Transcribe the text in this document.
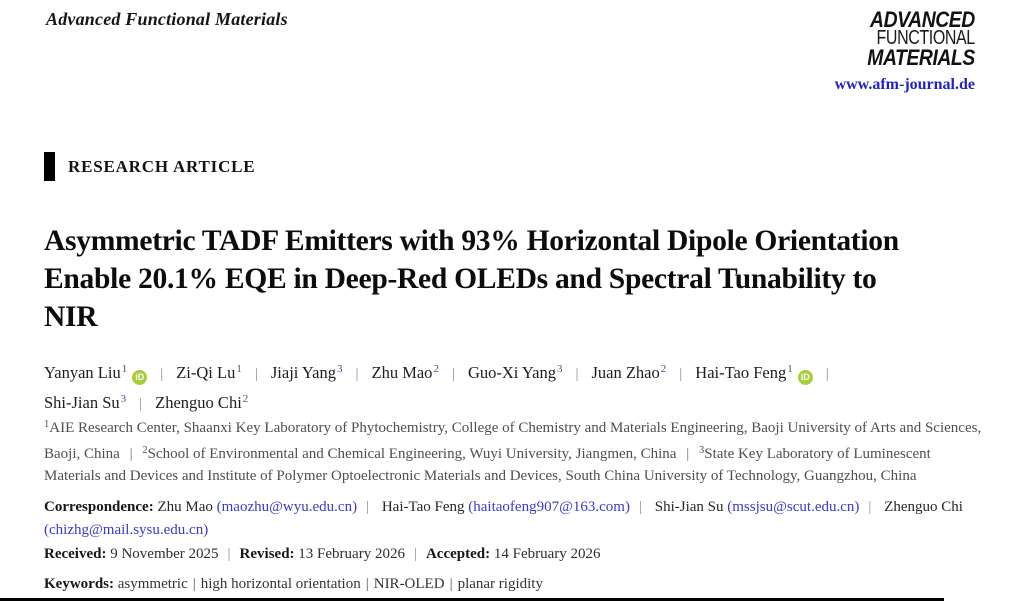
Advanced Functional Materials	ADVANCED
FUNCTIONAL
MATERIALS
www.afm-journal.de
RESEARCH ARTICLE
Asymmetric TADF Emitters with 93% Horizontal Dipole Orientation Enable 20.1% EQE in Deep-Red OLEDs and Spectral Tunability to NIR
Yanyan Liu$^1$iD | Zi-Qi Lu$^1$ | Jiaji Yang$^3$ | Zhu Mao$^2$ | Guo-Xi Yang$^3$ | Juan Zhao$^2$ | Hai-Tao Feng$^1$iD |
Shi-Jian Su$^3$ | Zhenguo Chi$^2$
$^1$AIE Research Center, Shaanxi Key Laboratory of Phytochemistry, College of Chemistry and Materials Engineering, Baoji University of Arts and Sciences, Baoji, China | $^2$School of Environmental and Chemical Engineering, Wuyi University, Jiangmen, China | $^3$State Key Laboratory of Luminescent Materials and Devices and Institute of Polymer Optoelectronic Materials and Devices, South China University of Technology, Guangzhou, China
Correspondence: Zhu Mao (maozhu@wyu.edu.cn) | Hai-Tao Feng (haitaofeng907@163.com) | Shi-Jian Su (mssjsu@scut.edu.cn) | Zhenguo Chi (chizhg@mail.sysu.edu.cn)
Received: 9 November 2025 | Revised: 13 February 2026 | Accepted: 14 February 2026
Keywords: asymmetric | high horizontal orientation | NIR-OLED | planar rigidity
